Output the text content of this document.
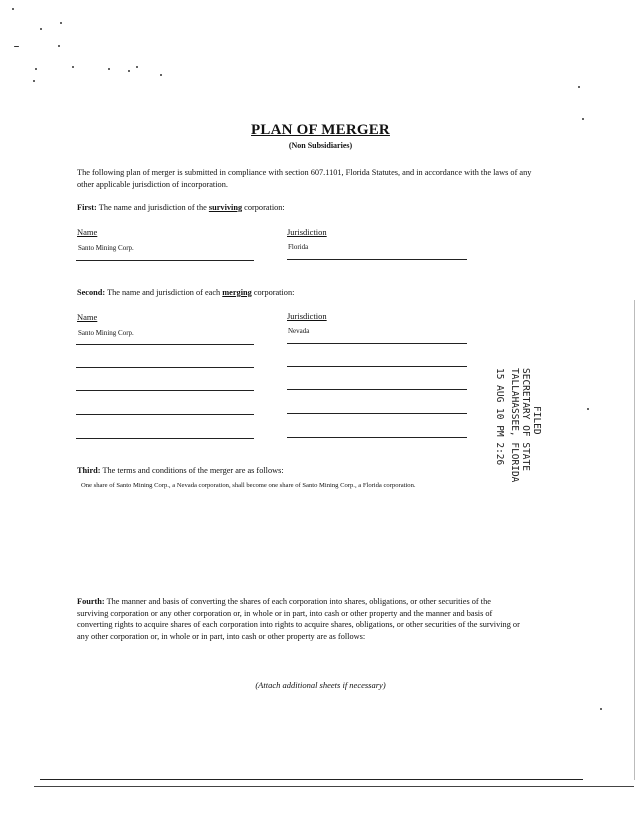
PLAN OF MERGER
(Non Subsidiaries)
The following plan of merger is submitted in compliance with section 607.1101, Florida Statutes, and in accordance with the laws of any other applicable jurisdiction of incorporation.
First: The name and jurisdiction of the surviving corporation:
Name	Jurisdiction
Santo Mining Corp.	Florida
Second: The name and jurisdiction of each merging corporation:
Name	Jurisdiction
Santo Mining Corp.	Nevada
FILED
SECRETARY OF STATE
TALLAHASSEE, FLORIDA
15 AUG 10 PM 2:26
Third: The terms and conditions of the merger are as follows:
One share of Santo Mining Corp., a Nevada corporation, shall become one share of Santo Mining Corp., a Florida corporation.
Fourth: The manner and basis of converting the shares of each corporation into shares, obligations, or other securities of the surviving corporation or any other corporation or, in whole or in part, into cash or other property and the manner and basis of converting rights to acquire shares of each corporation into rights to acquire shares, obligations, or other securities of the surviving or any other corporation or, in whole or in part, into cash or other property are as follows:
(Attach additional sheets if necessary)
